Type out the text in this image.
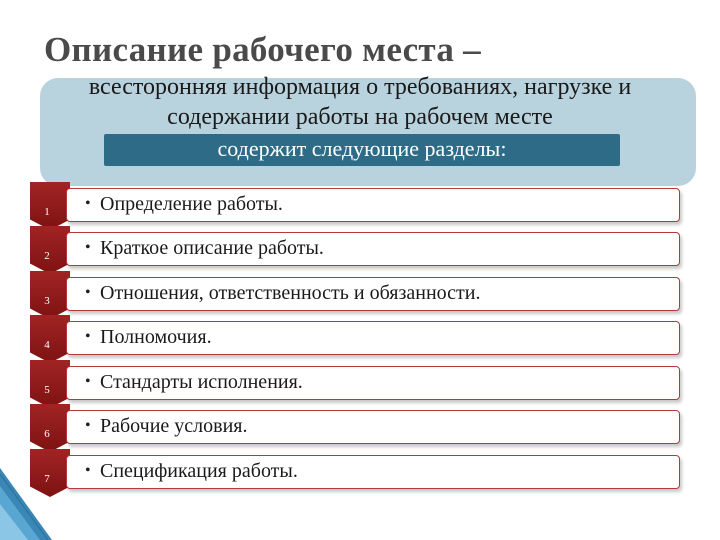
Описание рабочего места –
всесторонняя информация о требованиях, нагрузке и
содержании работы на рабочем месте
содержит следующие разделы:
1	• Определение работы.
2	• Краткое описание работы.
3	• Отношения, ответственность и обязанности.
4	• Полномочия.
5	• Стандарты исполнения.
6	• Рабочие условия.
7	• Спецификация работы.
